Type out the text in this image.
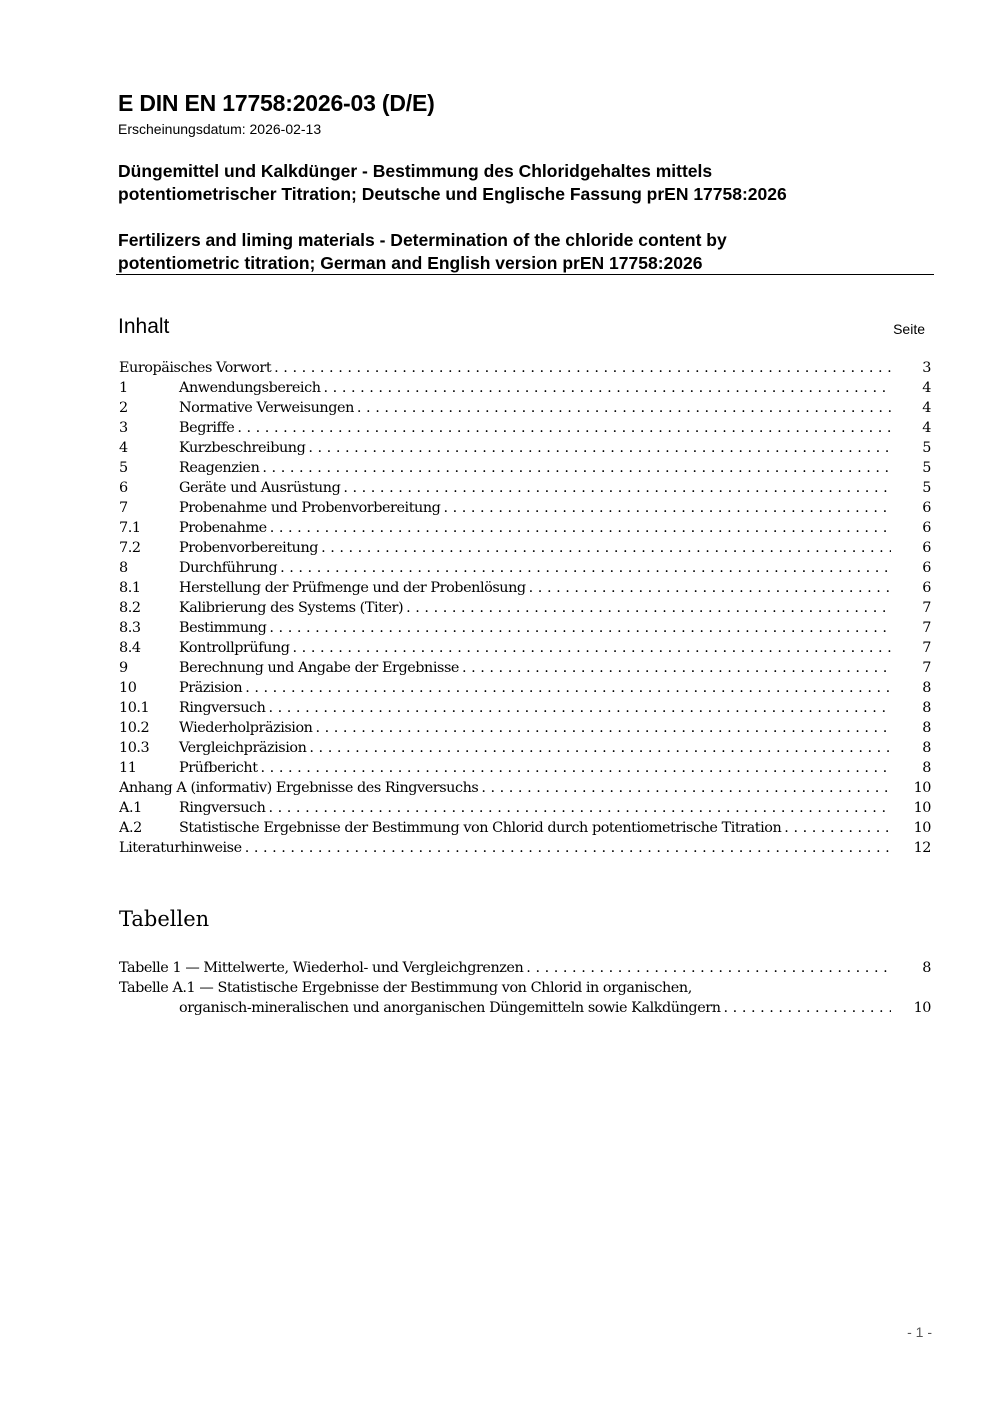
E DIN EN 17758:2026-03 (D/E)
Erscheinungsdatum: 2026-02-13
Düngemittel und Kalkdünger - Bestimmung des Chloridgehaltes mittels
potentiometrischer Titration; Deutsche und Englische Fassung prEN 17758:2026
Fertilizers and liming materials - Determination of the chloride content by
potentiometric titration; German and English version prEN 17758:2026
Inhalt	Seite
Europäisches Vorwort . . .	3
1	Anwendungsbereich . . .	4
2	Normative Verweisungen . . .	4
3	Begriffe . . .	4
4	Kurzbeschreibung . . .	5
5	Reagenzien . . .	5
6	Geräte und Ausrüstung . . .	5
7	Probenahme und Probenvorbereitung . . .	6
7.1	Probenahme . . .	6
7.2	Probenvorbereitung . . .	6
8	Durchführung . . .	6
8.1	Herstellung der Prüfmenge und der Probenlösung . . .	6
8.2	Kalibrierung des Systems (Titer) . . .	7
8.3	Bestimmung . . .	7
8.4	Kontrollprüfung . . .	7
9	Berechnung und Angabe der Ergebnisse . . .	7
10	Präzision . . .	8
10.1	Ringversuch . . .	8
10.2	Wiederholpräzision . . .	8
10.3	Vergleichpräzision . . .	8
11	Prüfbericht . . .	8
Anhang A (informativ) Ergebnisse des Ringversuchs . . .	10
A.1	Ringversuch . . .	10
A.2	Statistische Ergebnisse der Bestimmung von Chlorid durch potentiometrische Titration . . .	10
Literaturhinweise . . .	12
Tabellen
Tabelle 1 — Mittelwerte, Wiederhol- und Vergleichgrenzen . . .	8
Tabelle A.1 — Statistische Ergebnisse der Bestimmung von Chlorid in organischen,
organisch-mineralischen und anorganischen Düngemitteln sowie Kalkdüngern . . .	10
- 1 -
